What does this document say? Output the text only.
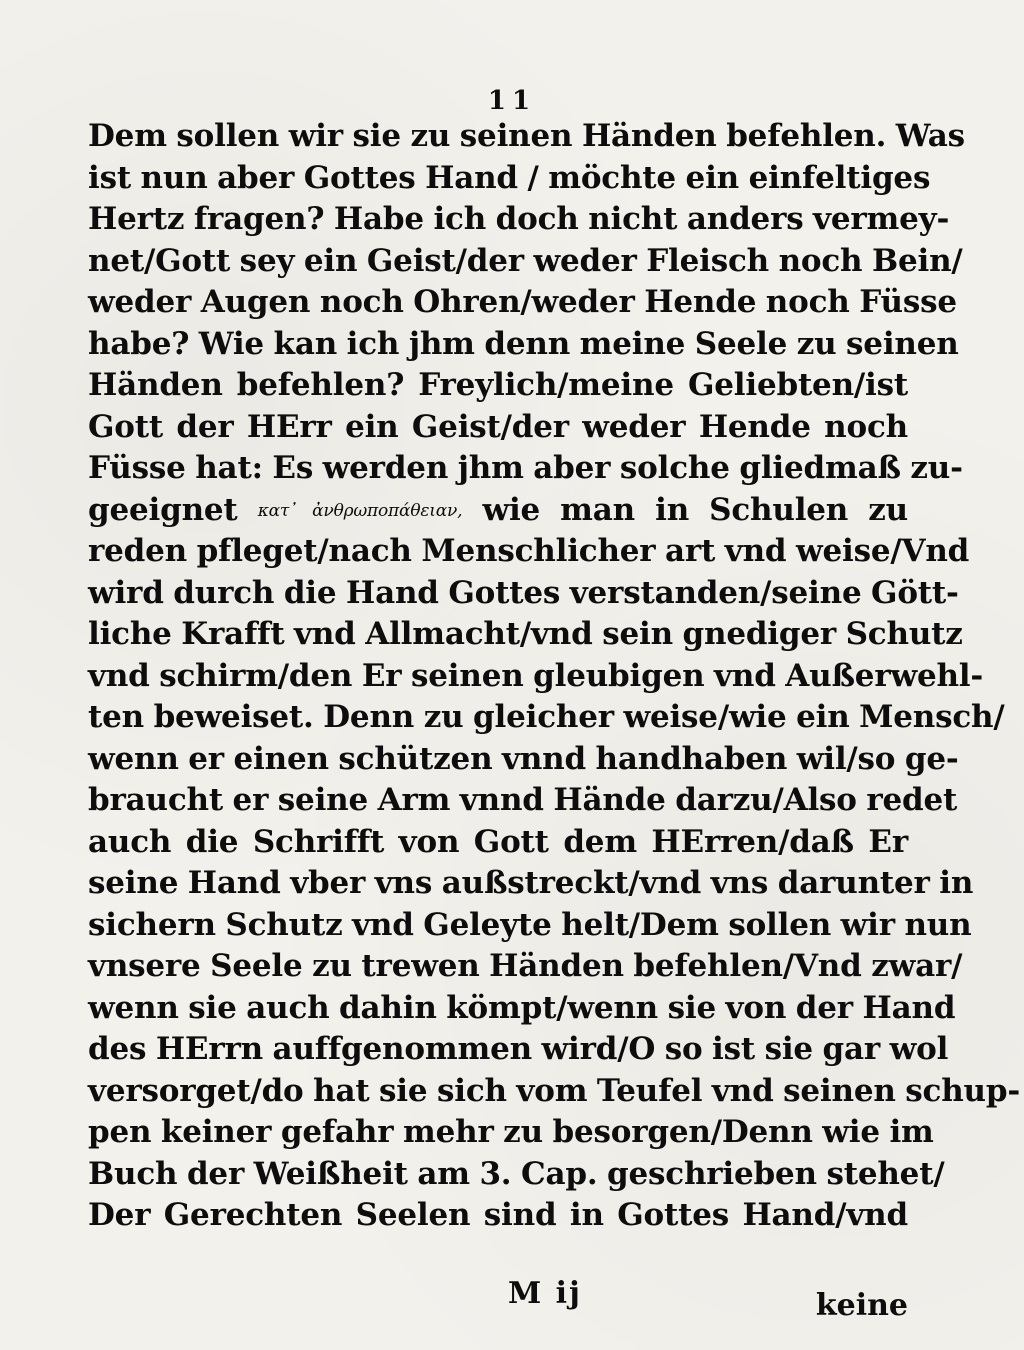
11
Dem sollen wir sie zu seinen Händen befehlen. Was
ist nun aber Gottes Hand / möchte ein einfeltiges
Hertz fragen? Habe ich doch nicht anders vermey-
net/Gott sey ein Geist/der weder Fleisch noch Bein/
weder Augen noch Ohren/weder Hende noch Füsse
habe? Wie kan ich jhm denn meine Seele zu seinen
Händen befehlen? Freylich/meine Geliebten/ist
Gott der HErr ein Geist/der weder Hende noch
Füsse hat: Es werden jhm aber solche gliedmaß zu-
geeignet κατ᾽ ἀνθρωποπάθειαν, wie man in Schulen zu
reden pfleget/nach Menschlicher art vnd weise/Vnd
wird durch die Hand Gottes verstanden/seine Gött-
liche Krafft vnd Allmacht/vnd sein gnediger Schutz
vnd schirm/den Er seinen gleubigen vnd Außerwehl-
ten beweiset. Denn zu gleicher weise/wie ein Mensch/
wenn er einen schützen vnnd handhaben wil/so ge-
braucht er seine Arm vnnd Hände darzu/Also redet
auch die Schrifft von Gott dem HErren/daß Er
seine Hand vber vns außstreckt/vnd vns darunter in
sichern Schutz vnd Geleyte helt/Dem sollen wir nun
vnsere Seele zu trewen Händen befehlen/Vnd zwar/
wenn sie auch dahin kömpt/wenn sie von der Hand
des HErrn auffgenommen wird/O so ist sie gar wol
versorget/do hat sie sich vom Teufel vnd seinen schup-
pen keiner gefahr mehr zu besorgen/Denn wie im
Buch der Weißheit am 3. Cap. geschrieben stehet/
Der Gerechten Seelen sind in Gottes Hand/vnd
M ij	keine
